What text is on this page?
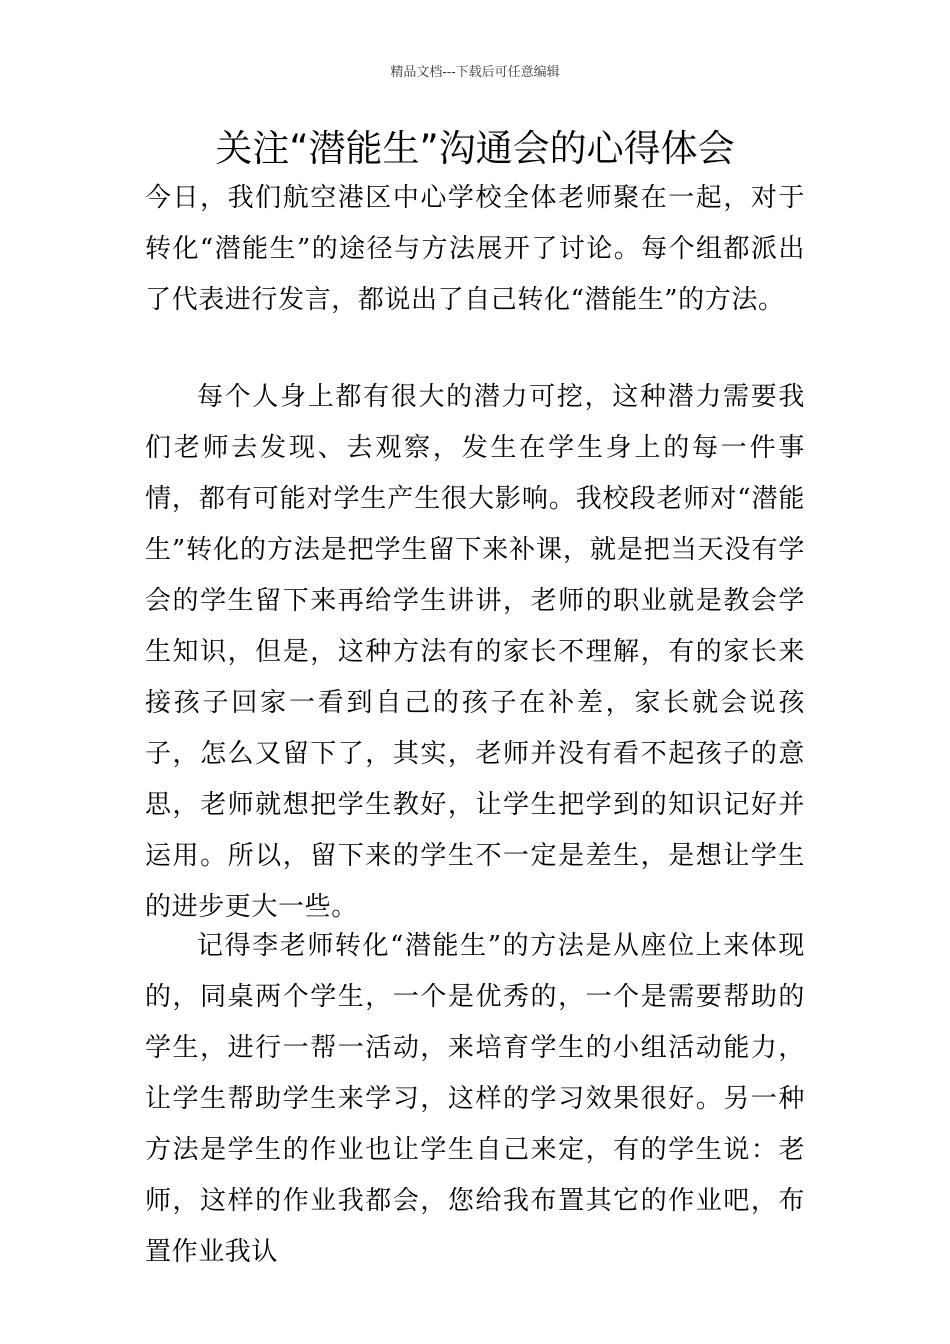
精品文档---下载后可任意编辑
关注“潜能生”沟通会的心得体会

今日，我们航空港区中心学校全体老师聚在一起，对于转化“潜能生”的途径与方法展开了讨论。每个组都派出了代表进行发言，都说出了自己转化“潜能生”的方法。

每个人身上都有很大的潜力可挖，这种潜力需要我们老师去发现、去观察，发生在学生身上的每一件事情，都有可能对学生产生很大影响。我校段老师对“潜能生”转化的方法是把学生留下来补课，就是把当天没有学会的学生留下来再给学生讲讲，老师的职业就是教会学生知识，但是，这种方法有的家长不理解，有的家长来接孩子回家一看到自己的孩子在补差，家长就会说孩子，怎么又留下了，其实，老师并没有看不起孩子的意思，老师就想把学生教好，让学生把学到的知识记好并运用。所以，留下来的学生不一定是差生，是想让学生的进步更大一些。

记得李老师转化“潜能生”的方法是从座位上来体现的，同桌两个学生，一个是优秀的，一个是需要帮助的学生，进行一帮一活动，来培育学生的小组活动能力，让学生帮助学生来学习，这样的学习效果很好。另一种方法是学生的作业也让学生自己来定，有的学生说：老师，这样的作业我都会，您给我布置其它的作业吧，布置作业我认
